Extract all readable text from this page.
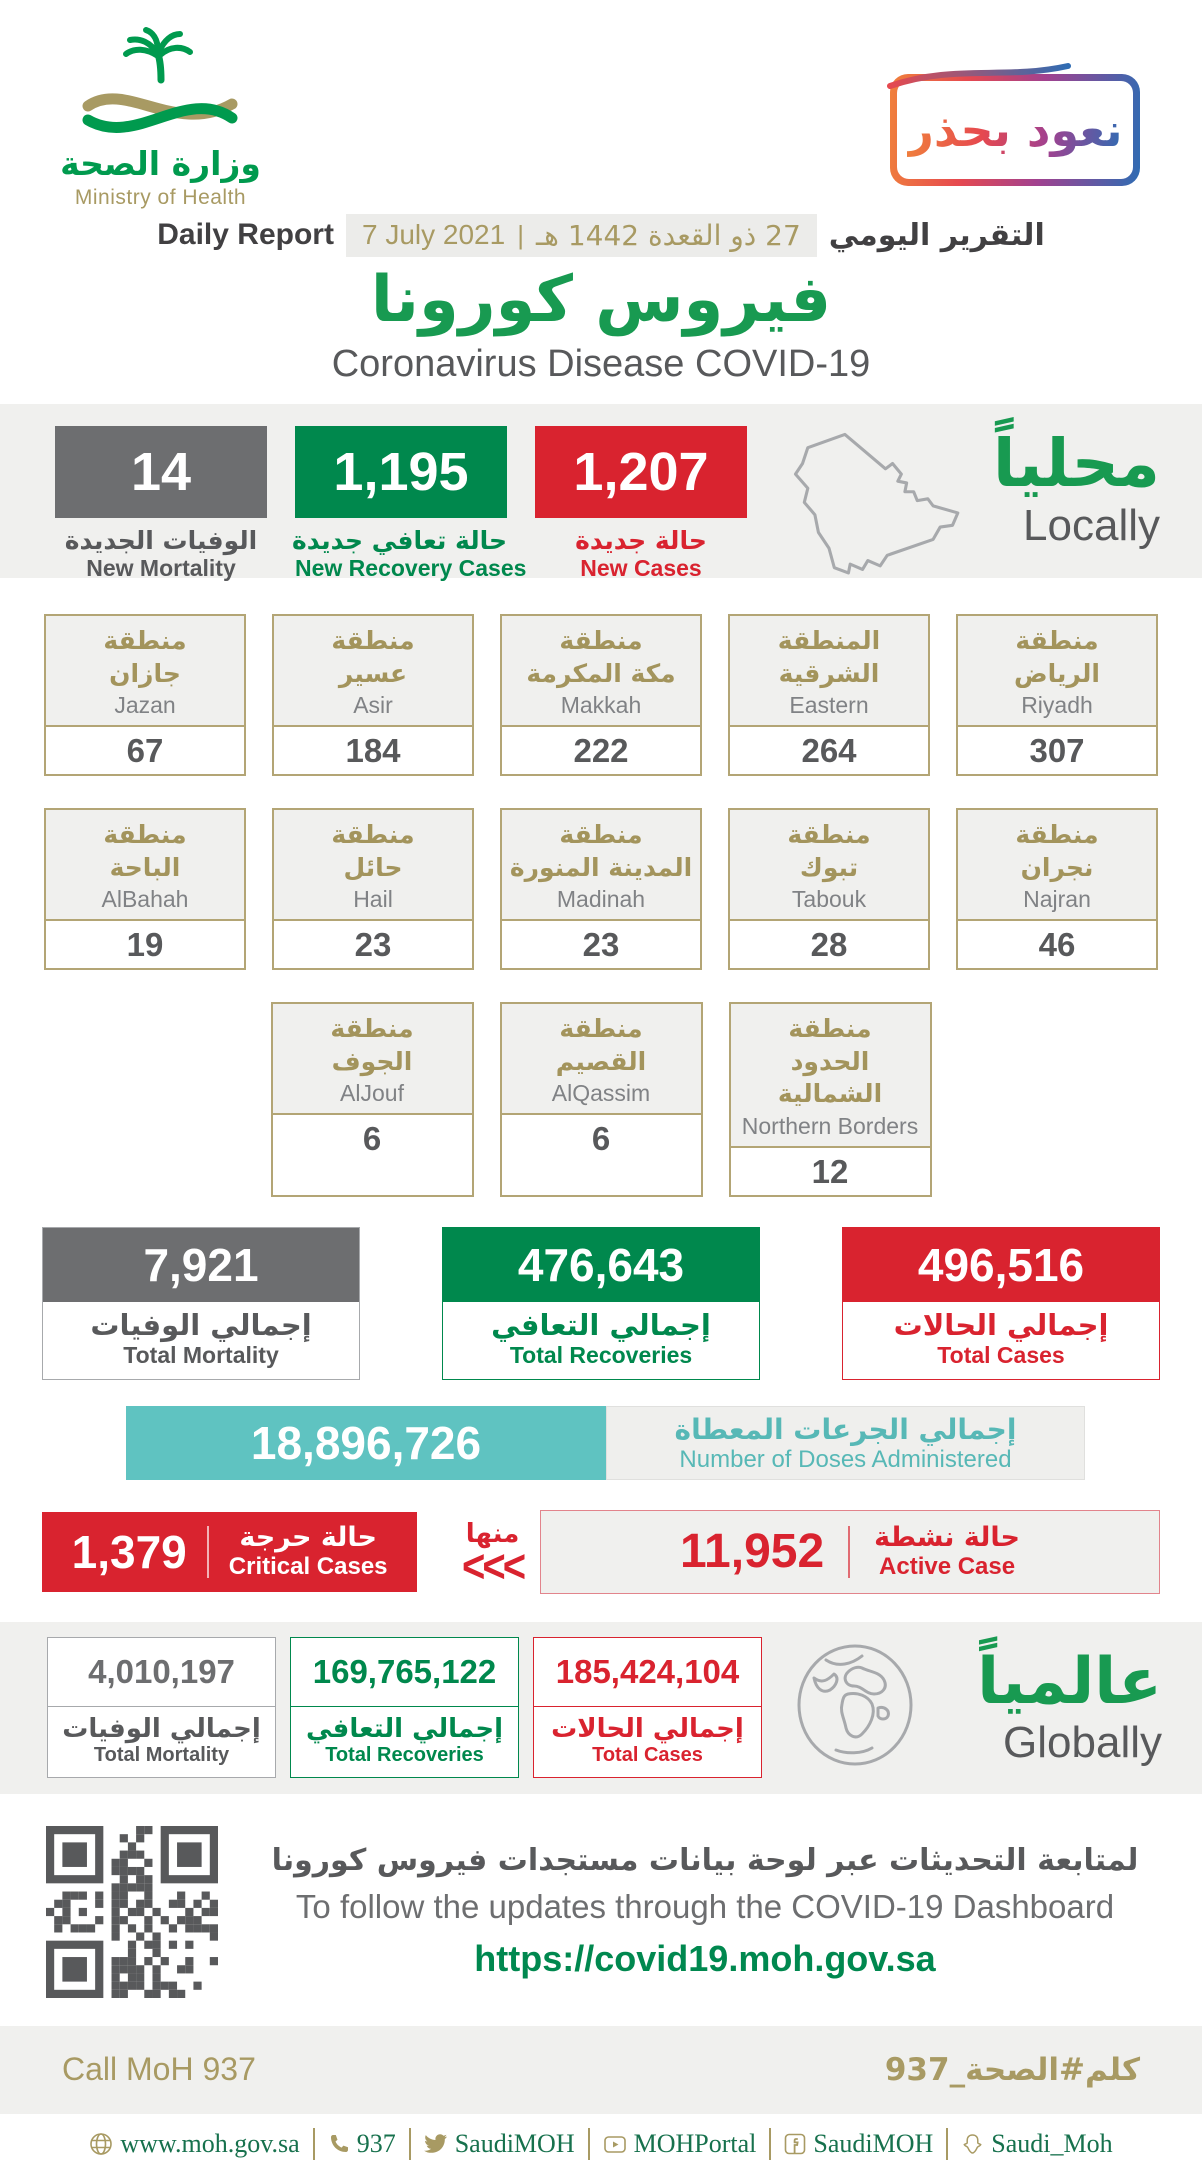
وزارة الصحة
Ministry of Health
نعود بحذر
Daily Report 7 July 2021 | 27 ذو القعدة 1442 هـ التقرير اليومي
فيروس كورونا
Coronavirus Disease COVID-19
14
الوفيات الجديدة
New Mortality
1,195
حالة تعافي جديدة
New Recovery Cases
1,207
حالة جديدة
New Cases
محلياً
Locally
منطقة
جازان
Jazan
67
منطقة
عسير
Asir
184
منطقة
مكة المكرمة
Makkah
222
المنطقة
الشرقية
Eastern
264
منطقة
الرياض
Riyadh
307
منطقة
الباحة
AlBahah
19
منطقة
حائل
Hail
23
منطقة
المدينة المنورة
Madinah
23
منطقة
تبوك
Tabouk
28
منطقة
نجران
Najran
46
منطقة
الجوف
AlJouf
6
منطقة
القصيم
AlQassim
6
منطقة
الحدود الشمالية
Northern Borders
12
7,921
إجمالي الوفيات
Total Mortality
476,643
إجمالي التعافي
Total Recoveries
496,516
إجمالي الحالات
Total Cases
18,896,726	إجمالي الجرعات المعطاة
Number of Doses Administered
1,379	حالة حرجة
Critical Cases
منها
<<<	11,952 حالة نشطة
Active Case
4,010,197
إجمالي الوفيات
Total Mortality
169,765,122
إجمالي التعافي
Total Recoveries
185,424,104
إجمالي الحالات
Total Cases
عالمياً
Globally
لمتابعة التحديثات عبر لوحة بيانات مستجدات فيروس كورونا
To follow the updates through the COVID-19 Dashboard
https://covid19.moh.gov.sa
Call MoH 937	كلم#الصحة_937
www.moh.gov.sa 937 SaudiMOH MOHPortal SaudiMOH Saudi_Moh
